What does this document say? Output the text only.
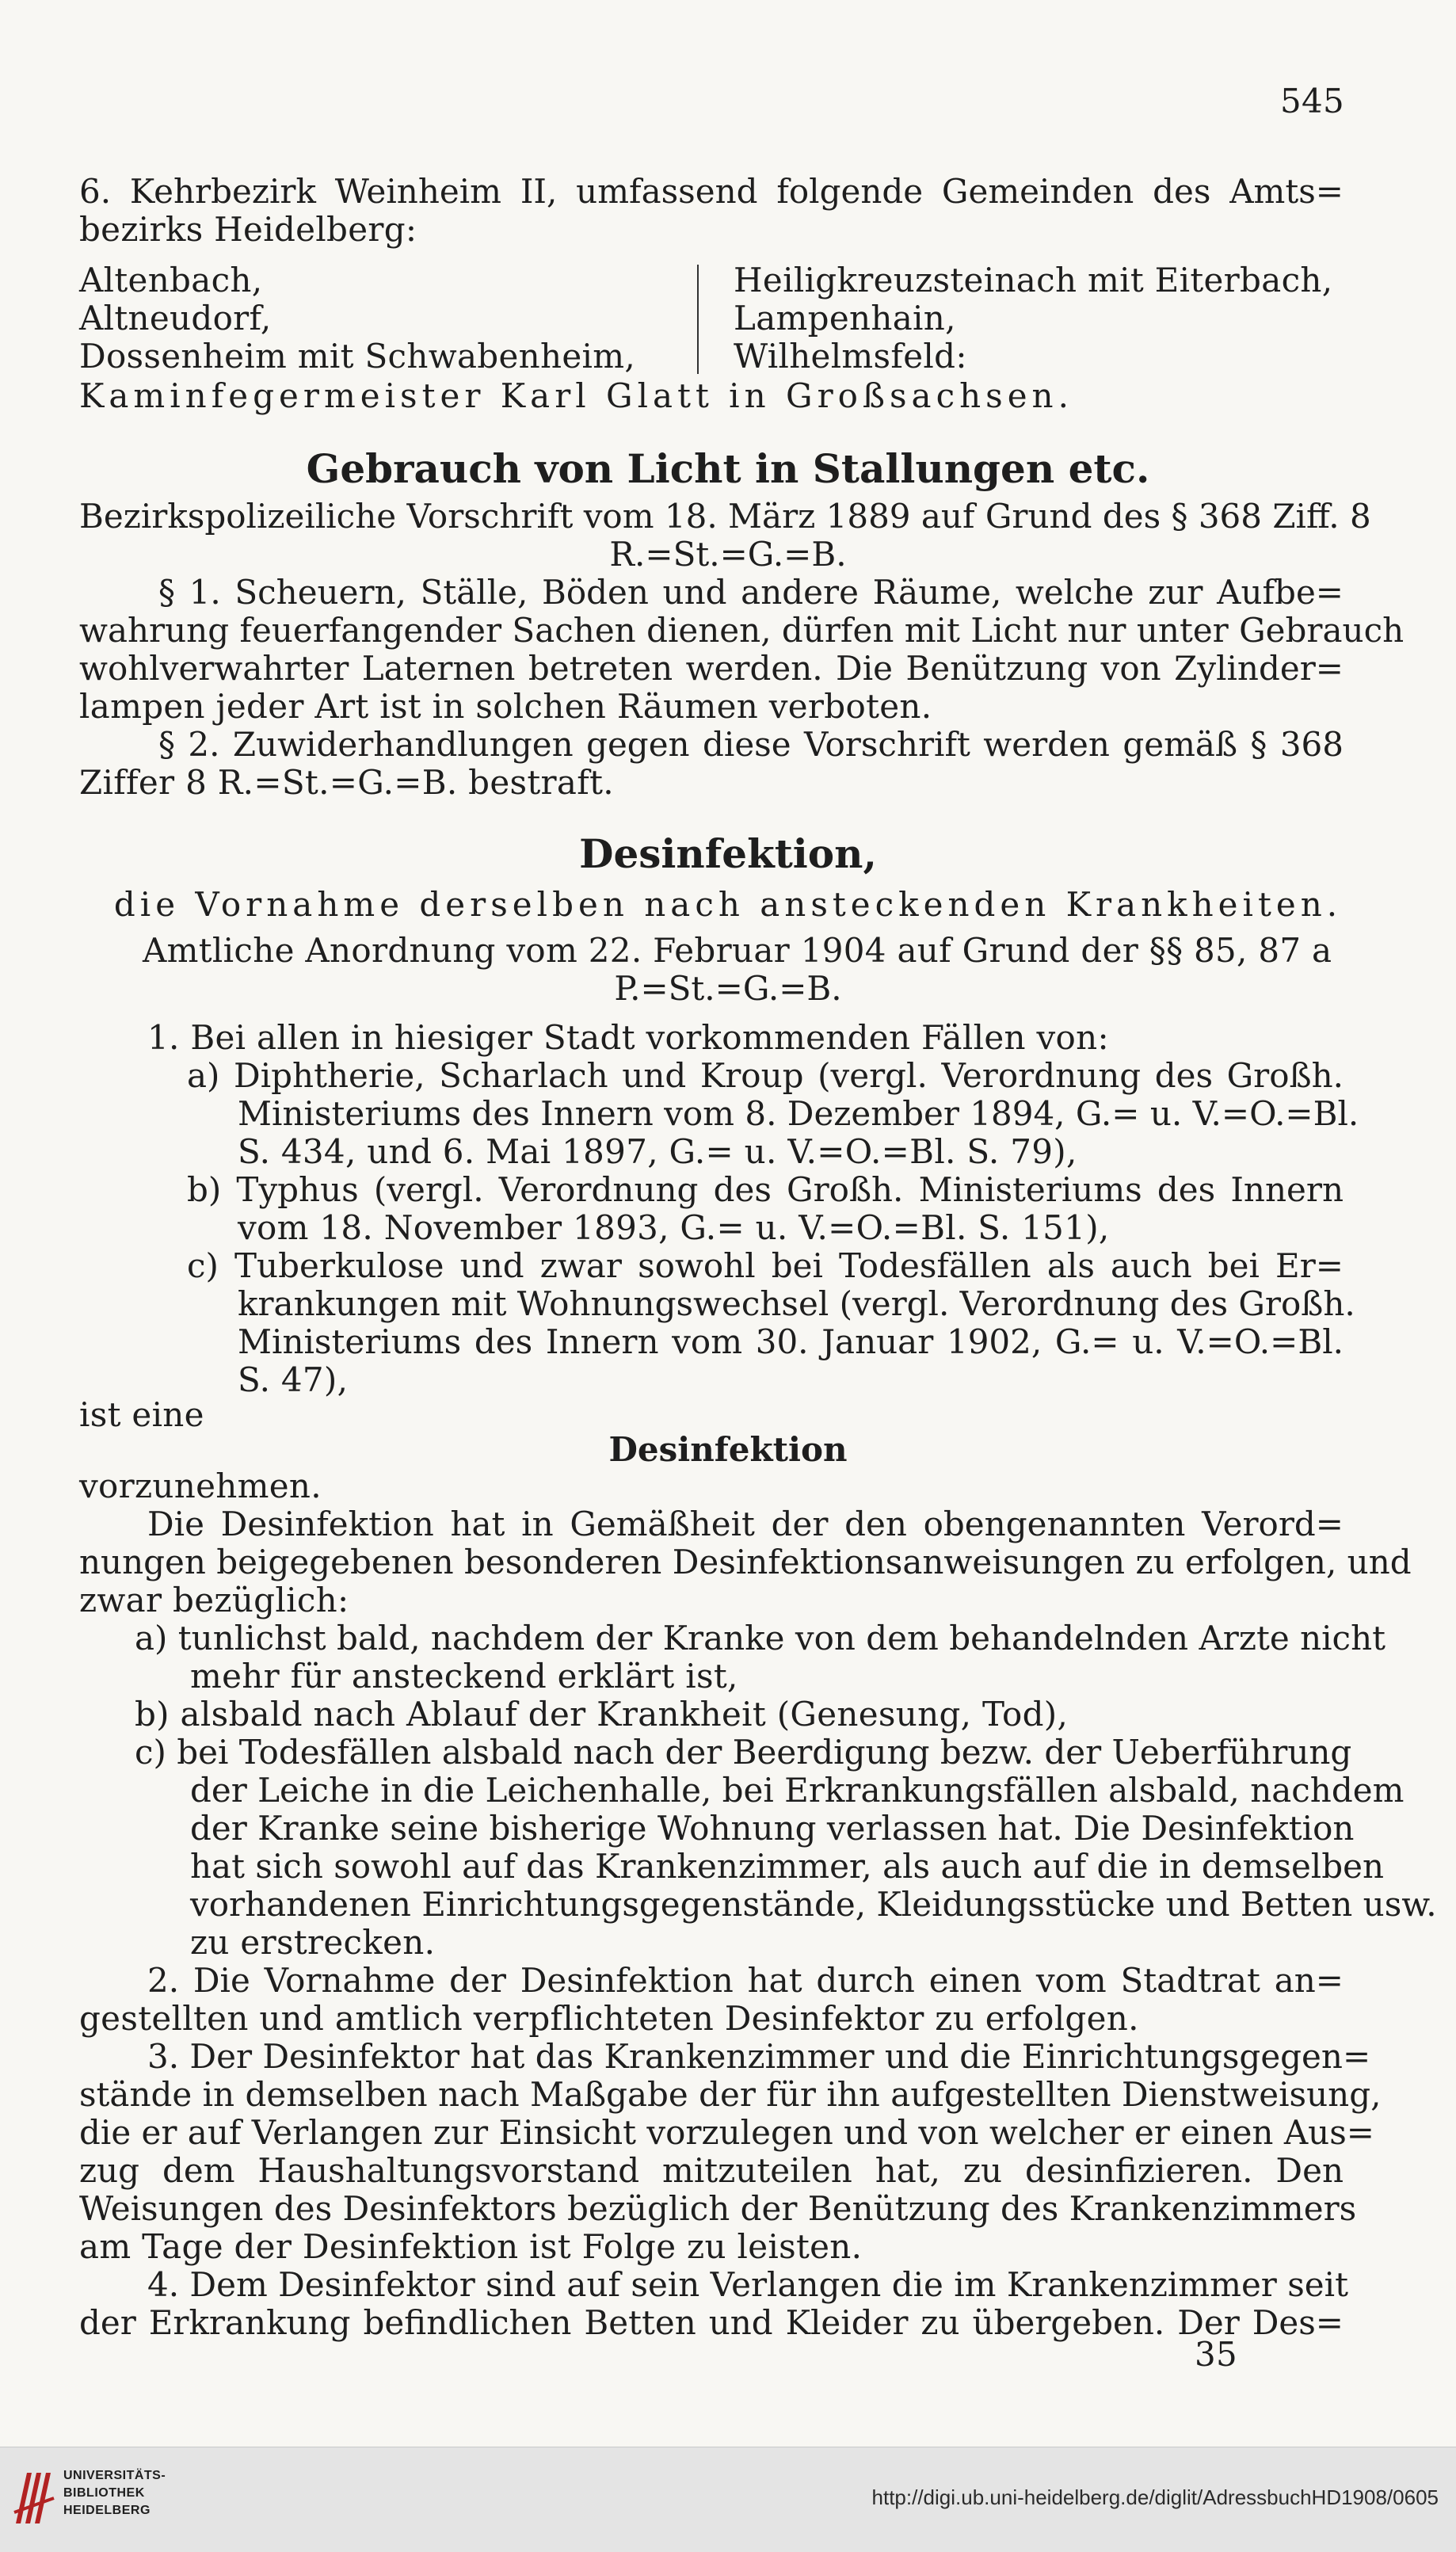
545
6. Kehrbezirk Weinheim II, umfassend folgende Gemeinden des Amts=
bezirks Heidelberg:
Altenbach,
Altneudorf,
Dossenheim mit Schwabenheim,
Heiligkreuzsteinach mit Eiterbach,
Lampenhain,
Wilhelmsfeld:
Kaminfegermeister Karl Glatt in Großsachsen.
Gebrauch von Licht in Stallungen etc.
Bezirkspolizeiliche Vorschrift vom 18. März 1889 auf Grund des § 368 Ziff. 8
R.=St.=G.=B.
§ 1. Scheuern, Ställe, Böden und andere Räume, welche zur Aufbe=
wahrung feuerfangender Sachen dienen, dürfen mit Licht nur unter Gebrauch
wohlverwahrter Laternen betreten werden. Die Benützung von Zylinder=
lampen jeder Art ist in solchen Räumen verboten.
§ 2. Zuwiderhandlungen gegen diese Vorschrift werden gemäß § 368
Ziffer 8 R.=St.=G.=B. bestraft.
Desinfektion,
die Vornahme derselben nach ansteckenden Krankheiten.
Amtliche Anordnung vom 22. Februar 1904 auf Grund der §§ 85, 87 a
P.=St.=G.=B.
1. Bei allen in hiesiger Stadt vorkommenden Fällen von:
a) Diphtherie, Scharlach und Kroup (vergl. Verordnung des Großh.
Ministeriums des Innern vom 8. Dezember 1894, G.= u. V.=O.=Bl.
S. 434, und 6. Mai 1897, G.= u. V.=O.=Bl. S. 79),
b) Typhus (vergl. Verordnung des Großh. Ministeriums des Innern
vom 18. November 1893, G.= u. V.=O.=Bl. S. 151),
c) Tuberkulose und zwar sowohl bei Todesfällen als auch bei Er=
krankungen mit Wohnungswechsel (vergl. Verordnung des Großh.
Ministeriums des Innern vom 30. Januar 1902, G.= u. V.=O.=Bl.
S. 47),
ist eine
Desinfektion
vorzunehmen.
Die Desinfektion hat in Gemäßheit der den obengenannten Verord=
nungen beigegebenen besonderen Desinfektionsanweisungen zu erfolgen, und
zwar bezüglich:
a) tunlichst bald, nachdem der Kranke von dem behandelnden Arzte nicht
mehr für ansteckend erklärt ist,
b) alsbald nach Ablauf der Krankheit (Genesung, Tod),
c) bei Todesfällen alsbald nach der Beerdigung bezw. der Ueberführung
der Leiche in die Leichenhalle, bei Erkrankungsfällen alsbald, nachdem
der Kranke seine bisherige Wohnung verlassen hat. Die Desinfektion
hat sich sowohl auf das Krankenzimmer, als auch auf die in demselben
vorhandenen Einrichtungsgegenstände, Kleidungsstücke und Betten usw.
zu erstrecken.
2. Die Vornahme der Desinfektion hat durch einen vom Stadtrat an=
gestellten und amtlich verpflichteten Desinfektor zu erfolgen.
3. Der Desinfektor hat das Krankenzimmer und die Einrichtungsgegen=
stände in demselben nach Maßgabe der für ihn aufgestellten Dienstweisung,
die er auf Verlangen zur Einsicht vorzulegen und von welcher er einen Aus=
zug dem Haushaltungsvorstand mitzuteilen hat, zu desinfizieren. Den
Weisungen des Desinfektors bezüglich der Benützung des Krankenzimmers
am Tage der Desinfektion ist Folge zu leisten.
4. Dem Desinfektor sind auf sein Verlangen die im Krankenzimmer seit
der Erkrankung befindlichen Betten und Kleider zu übergeben. Der Des=
35
UNIVERSITÄTS-
BIBLIOTHEK
HEIDELBERG
http://digi.ub.uni-heidelberg.de/diglit/AdressbuchHD1908/0605
